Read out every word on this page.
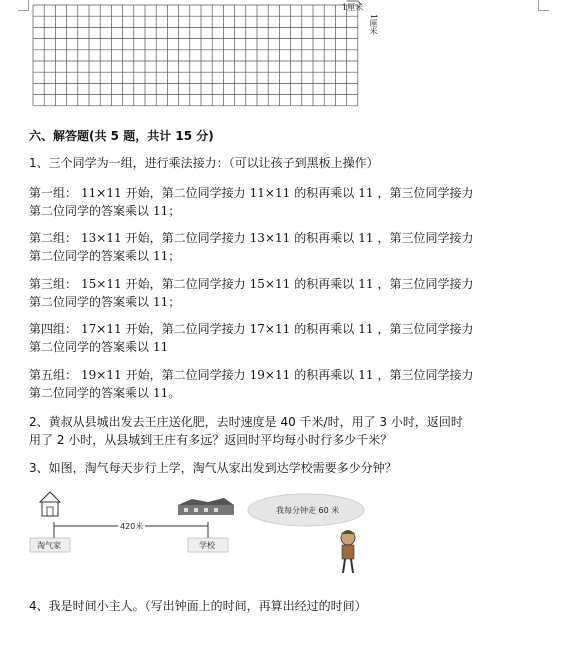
1厘米
1厘米
六、解答题(共 5 题，共计 15 分)
1、三个同学为一组，进行乘法接力：（可以让孩子到黑板上操作）
第一组： 11×11 开始，第二位同学接力 11×11 的积再乘以 11 ，第三位同学接力
第二位同学的答案乘以 11；
第二组： 13×11 开始，第二位同学接力 13×11 的积再乘以 11 ，第三位同学接力
第二位同学的答案乘以 11；
第三组： 15×11 开始，第二位同学接力 15×11 的积再乘以 11 ，第三位同学接力
第二位同学的答案乘以 11；
第四组： 17×11 开始，第二位同学接力 17×11 的积再乘以 11 ，第三位同学接力
第二位同学的答案乘以 11
第五组： 19×11 开始，第二位同学接力 19×11 的积再乘以 11 ，第三位同学接力
第二位同学的答案乘以 11。
2、黄叔从县城出发去王庄送化肥，去时速度是 40 千米/时，用了 3 小时，返回时
用了 2 小时，从县城到王庄有多远？返回时平均每小时行多少千米？
3、如图，淘气每天步行上学，淘气从家出发到达学校需要多少分钟？
420米
淘气家	学校
我每分钟走 60 米
4、我是时间小主人。（写出钟面上的时间，再算出经过的时间）
